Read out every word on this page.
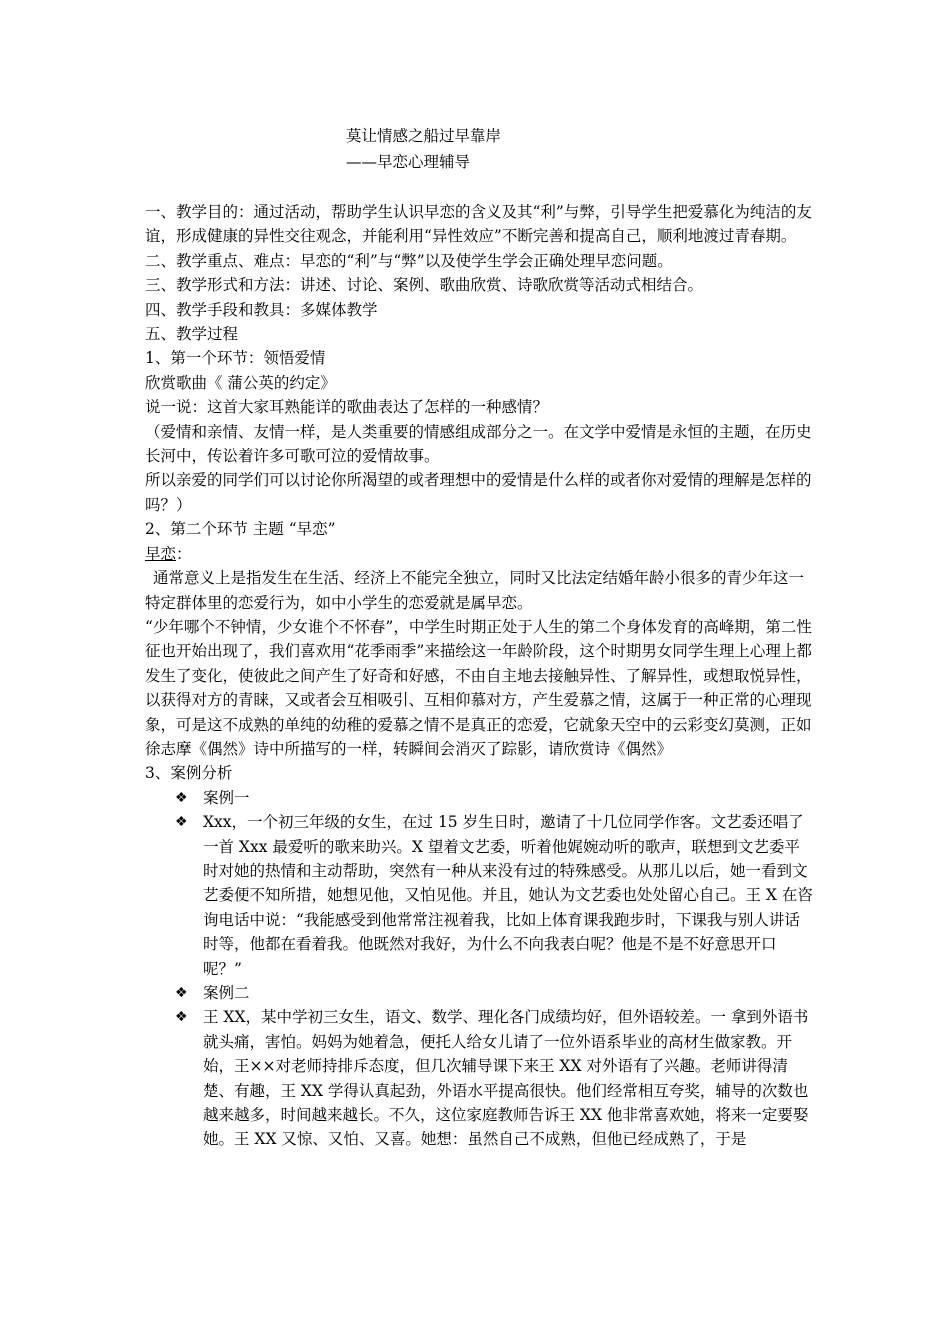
莫让情感之船过早靠岸
——早恋心理辅导

一、教学目的：通过活动，帮助学生认识早恋的含义及其“利”与弊，引导学生把爱慕化为纯洁的友谊，形成健康的异性交往观念，并能利用“异性效应”不断完善和提高自己，顺利地渡过青春期。

二、教学重点、难点：早恋的“利”与“弊”以及使学生学会正确处理早恋问题。

三、教学形式和方法：讲述、讨论、案例、歌曲欣赏、诗歌欣赏等活动式相结合。

四、教学手段和教具：多媒体教学

五、教学过程

1、第一个环节：领悟爱情

欣赏歌曲《 蒲公英的约定》

说一说：这首大家耳熟能详的歌曲表达了怎样的一种感情？

（爱情和亲情、友情一样，是人类重要的情感组成部分之一。在文学中爱情是永恒的主题，在历史长河中，传讼着许多可歌可泣的爱情故事。

所以亲爱的同学们可以讨论你所渴望的或者理想中的爱情是什么样的或者你对爱情的理解是怎样的吗？）

2、第二个环节 主题 “早恋”

早恋：

通常意义上是指发生在生活、经济上不能完全独立，同时又比法定结婚年龄小很多的青少年这一特定群体里的恋爱行为，如中小学生的恋爱就是属早恋。

“少年哪个不钟情，少女谁个不怀春”，中学生时期正处于人生的第二个身体发育的高峰期，第二性征也开始出现了，我们喜欢用“花季雨季”来描绘这一年龄阶段，这个时期男女同学生理上心理上都发生了变化，使彼此之间产生了好奇和好感，不由自主地去接触异性、了解异性，或想取悦异性，以获得对方的青睐，又或者会互相吸引、互相仰慕对方，产生爱慕之情，这属于一种正常的心理现象，可是这不成熟的单纯的幼稚的爱慕之情不是真正的恋爱，它就象天空中的云彩变幻莫测，正如徐志摩《偶然》诗中所描写的一样，转瞬间会消灭了踪影，请欣赏诗《偶然》

3、案例分析

❖ 案例一
❖ Xxx，一个初三年级的女生，在过 15 岁生日时，邀请了十几位同学作客。文艺委还唱了一首 Xxx 最爱听的歌来助兴。X 望着文艺委，听着他娓婉动听的歌声，联想到文艺委平时对她的热情和主动帮助，突然有一种从来没有过的特殊感受。从那儿以后，她一看到文艺委便不知所措，她想见他，又怕见他。并且，她认为文艺委也处处留心自己。王 X 在咨询电话中说：“我能感受到他常常注视着我，比如上体育课我跑步时，下课我与别人讲话时等，他都在看着我。他既然对我好，为什么不向我表白呢？他是不是不好意思开口呢？”
❖ 案例二
❖ 王 XX，某中学初三女生，语文、数学、理化各门成绩均好，但外语较差。一 拿到外语书就头痛，害怕。妈妈为她着急，便托人给女儿请了一位外语系毕业的高材生做家教。开始，王××对老师持排斥态度，但几次辅导课下来王 XX 对外语有了兴趣。老师讲得清楚、有趣，王 XX 学得认真起劲，外语水平提高很快。他们经常相互夸奖，辅导的次数也越来越多，时间越来越长。不久，这位家庭教师告诉王 XX 他非常喜欢她，将来一定要娶她。王 XX 又惊、又怕、又喜。她想：虽然自己不成熟，但他已经成熟了，于是
